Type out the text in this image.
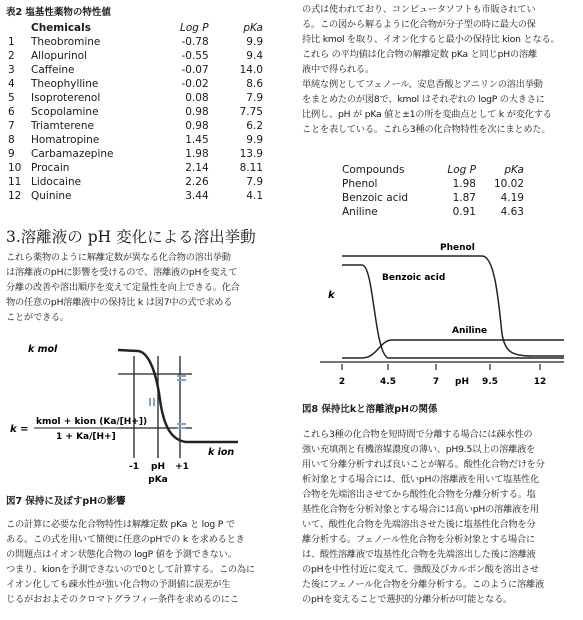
表2 塩基性薬物の特性値

	Chemicals	Log P	pKa
1	Theobromine	-0.78	9.9
2	Allopurinol	-0.55	9.4
3	Caffeine	-0.07	14.0
4	Theophylline	-0.02	8.6
5	Isoproterenol	0.08	7.9
6	Scopolamine	0.98	7.75
7	Triamterene	0.98	6.2
8	Homatropine	1.45	9.9
9	Carbamazepine	1.98	13.9
10	Procain	2.14	8.11
11	Lidocaine	2.26	7.9
12	Quinine	3.44	4.1
3.溶離液の pH 変化による溶出挙動

これら薬物のように解離定数が異なる化合物の溶出挙動

は溶離液のpHに影響を受けるので、溶離液のpHを変えて

分離の改善や溶出順序を変えて定量性を向上できる。化合

物の任意のpH溶離液中の保持比 k は図7中の式で求める

ことができる。

k mol
k =
kmol + kion (Ka/[H+])
1 + Ka/[H+]
k ion
-1 pH +1
pKa

図7 保持に及ぼすpHの影響

この計算に必要な化合物特性は解離定数 pKa と log P で

ある。この式を用いて簡便に任意のpHでの k を求めるとき

の問題点はイオン状態化合物の logP 値を予測できない。

つまり、kionを予測できないので0として計算する。この為に

イオン化しても疎水性が強い化合物の予測値に誤差が生

じるがおおよそのクロマトグラフィー条件を求めるのにこ

の式は使われており、コンピュータソフトも市販されてい

る。この図から解るように化合物が分子型の時に最大の保

持比 kmol を取り、イオン化すると最小の保持比 kion となる。

これら の平均値は化合物の解離定数 pKa と同じpHの溶離

液中で得られる。

単純な例としてフェノール、安息香酸とアニリンの溶出挙動

をまとめたのが図8で、kmol はそれぞれの logP の大きさに

比例し、pH が pKa 値と±1の所を変曲点として k が変化する

ことを表している。これら3種の化合物特性を次にまとめた。

Compounds	Log P	pKa
Phenol	1.98	10.02
Benzoic acid	1.87	4.19
Aniline	0.91	4.63
k
Phenol
Benzoic acid
Aniline
2	4.5	7 pH 9.5	12

図8 保持比kと溶離液pHの関係

これら3種の化合物を短時間で分離する場合には疎水性の

強い充填剤と有機溶媒濃度の薄い、pH9.5以上の溶離液を

用いて分離分析すれば良いことが解る。酸性化合物だけを分

析対象とする場合には、低いpHの溶離液を用いて塩基性化

合物を先端溶出させてから酸性化合物を分離分析する。塩

基性化合物を分析対象とする場合には高いpHの溶離液を用

いて、酸性化合物を先端溶出させた後に塩基性化合物を分

離分析する。フェノール性化合物を分析対象とする場合に

は、酸性溶離液で塩基性化合物を先端溶出した後に溶離液

のpHを中性付近に変えて、強酸及びカルボン酸を溶出させ

た後にフェノール化合物を分離分析する。このように溶離液

のpHを変えることで選択的分離分析が可能となる。
